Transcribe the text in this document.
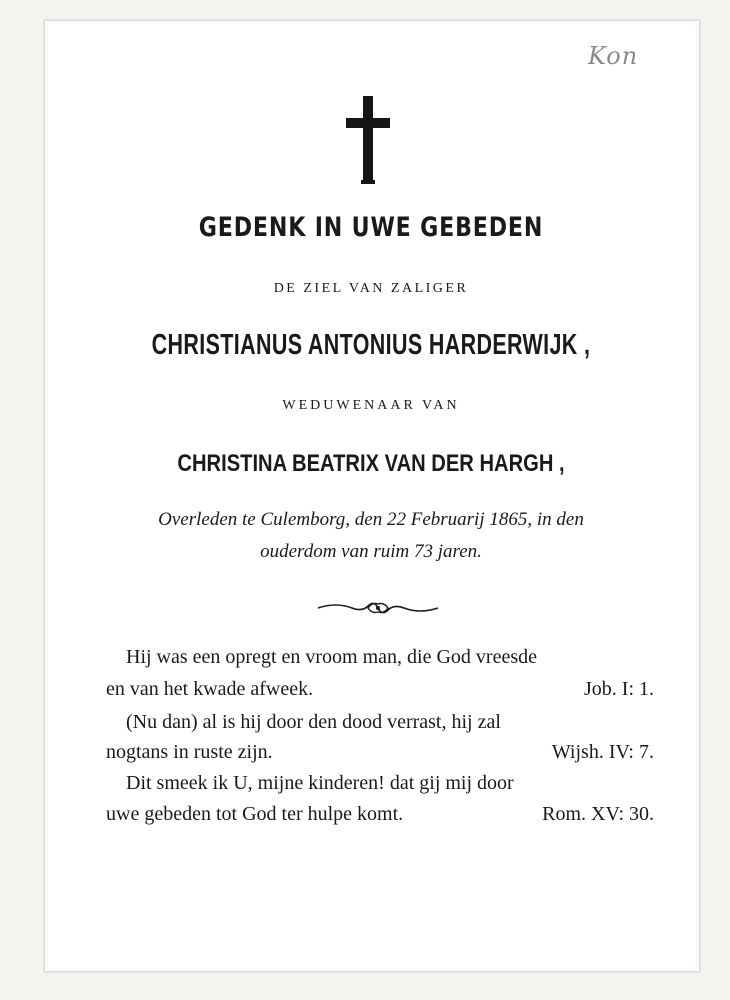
Kon
GEDENK IN UWE GEBEDEN
DE ZIEL VAN ZALIGER
CHRISTIANUS ANTONIUS HARDERWIJK ,
WEDUWENAAR VAN
CHRISTINA BEATRIX VAN DER HARGH ,
Overleden te Culemborg, den 22 Februarij 1865, in den
ouderdom van ruim 73 jaren.
Hij was een opregt en vroom man, die God vreesde
en van het kwade afweek.	Job. I: 1.
(Nu dan) al is hij door den dood verrast, hij zal
nogtans in ruste zijn.	Wijsh. IV: 7.
Dit smeek ik U, mijne kinderen! dat gij mij door
uwe gebeden tot God ter hulpe komt.	Rom. XV: 30.
